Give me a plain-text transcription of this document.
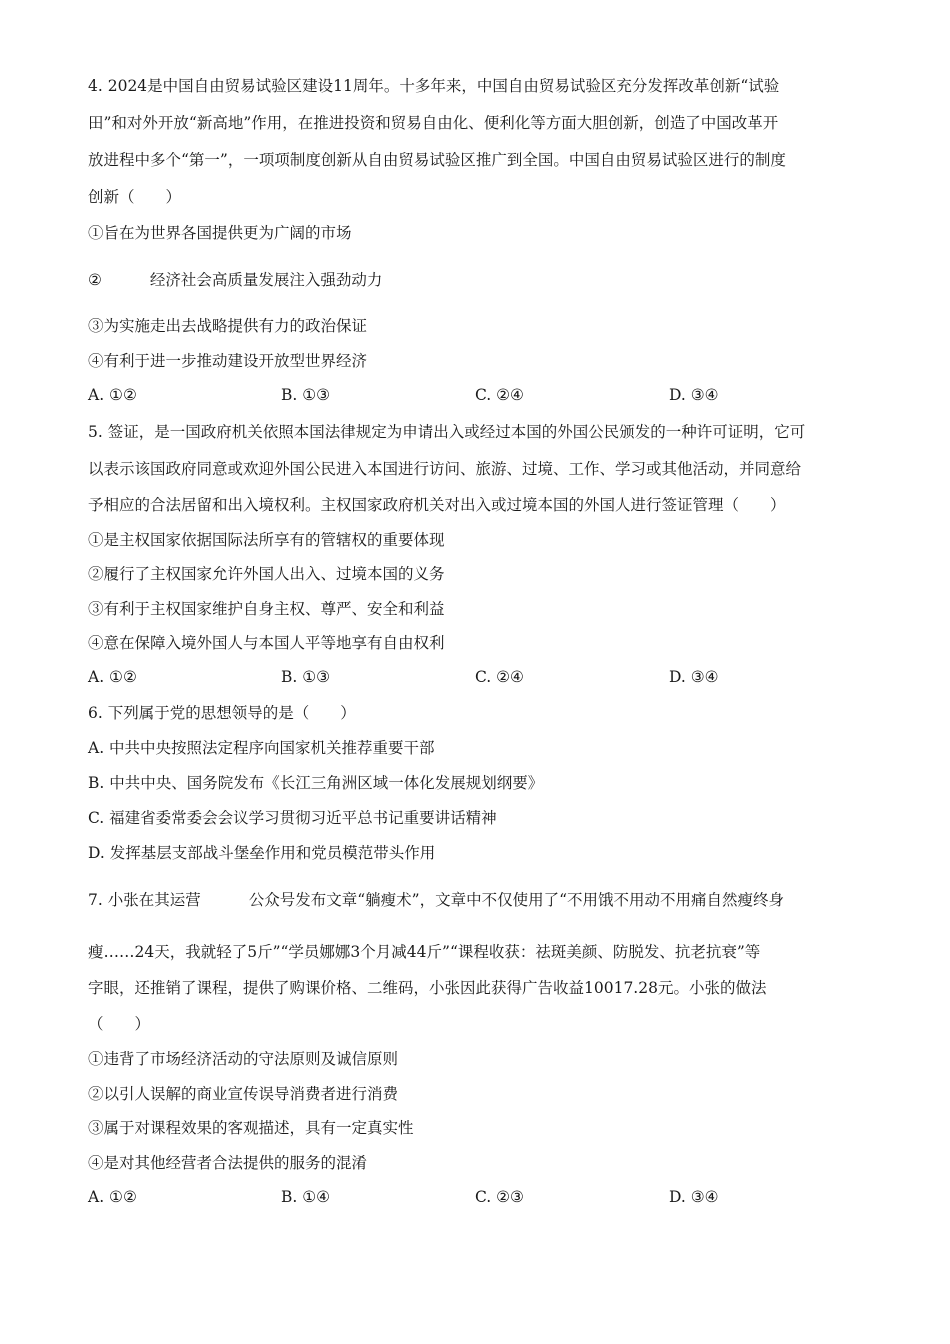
4. 2024是中国自由贸易试验区建设11周年。十多年来，中国自由贸易试验区充分发挥改革创新“试验
田”和对外开放“新高地”作用，在推进投资和贸易自由化、便利化等方面大胆创新，创造了中国改革开
放进程中多个“第一”，一项项制度创新从自由贸易试验区推广到全国。中国自由贸易试验区进行的制度
创新（　　）
①旨在为世界各国提供更为广阔的市场
②	经济社会高质量发展注入强劲动力
③为实施走出去战略提供有力的政治保证
④有利于进一步推动建设开放型世界经济
A. ①②	B. ①③	C. ②④	D. ③④
5. 签证，是一国政府机关依照本国法律规定为申请出入或经过本国的外国公民颁发的一种许可证明，它可
以表示该国政府同意或欢迎外国公民进入本国进行访问、旅游、过境、工作、学习或其他活动，并同意给
予相应的合法居留和出入境权利。主权国家政府机关对出入或过境本国的外国人进行签证管理（　　）
①是主权国家依据国际法所享有的管辖权的重要体现
②履行了主权国家允许外国人出入、过境本国的义务
③有利于主权国家维护自身主权、尊严、安全和利益
④意在保障入境外国人与本国人平等地享有自由权利
A. ①②	B. ①③	C. ②④	D. ③④
6. 下列属于党的思想领导的是（　　）
A. 中共中央按照法定程序向国家机关推荐重要干部
B. 中共中央、国务院发布《长江三角洲区域一体化发展规划纲要》
C. 福建省委常委会会议学习贯彻习近平总书记重要讲话精神
D. 发挥基层支部战斗堡垒作用和党员模范带头作用
7. 小张在其运营	公众号发布文章“躺瘦术”，文章中不仅使用了“不用饿不用动不用痛自然瘦终身
瘦……24天，我就轻了5斤”“学员娜娜3个月减44斤”“课程收获：祛斑美颜、防脱发、抗老抗衰”等
字眼，还推销了课程，提供了购课价格、二维码，小张因此获得广告收益10017.28元。小张的做法
（　　）
①违背了市场经济活动的守法原则及诚信原则
②以引人误解的商业宣传误导消费者进行消费
③属于对课程效果的客观描述，具有一定真实性
④是对其他经营者合法提供的服务的混淆
A. ①②	B. ①④	C. ②③	D. ③④
